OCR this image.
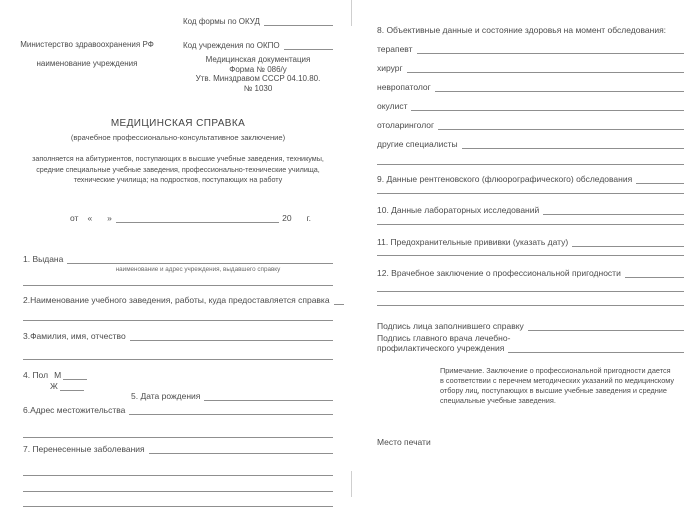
Министерство здравоохранения РФ
наименование учреждения
Код формы по ОКУД
Код учреждения по ОКПО
Медицинская документация
Форма № 086/у
Утв. Минздравом СССР 04.10.80.
№ 1030
МЕДИЦИНСКАЯ СПРАВКА
(врачебное профессионально-консультативное заключение)
заполняется на абитуриентов, поступающих в высшие учебные заведения, техникумы,
средние специальные учебные заведения, профессионально-технические училища,
технические училища; на подростков, поступающих на работу
от « »	20 г.
1. Выдана
наименование и адрес учреждения, выдавшего справку
2.Наименование учебного заведения, работы, куда предоставляется справка
3.Фамилия, имя, отчество
4. Пол М
Ж
5. Дата рождения
6.Адрес местожительства
7. Перенесенные заболевания
8. Объективные данные и состояние здоровья на момент обследования:
терапевт
хирург
невропатолог
окулист
отоларинголог
другие специалисты
9. Данные рентгеновского (флюорографического) обследования
10. Данные лабораторных исследований
11. Предохранительные прививки (указать дату)
12. Врачебное заключение о профессиональной пригодности
Подпись лица заполнившего справку
Подпись главного врача лечебно-
профилактического учреждения
Примечание. Заключение о профессиональной пригодности дается
в соответствии с перечнем методических указаний по медицинскому
отбору лиц, поступающих в высшие учебные заведения и средние
специальные учебные заведения.
Место печати
